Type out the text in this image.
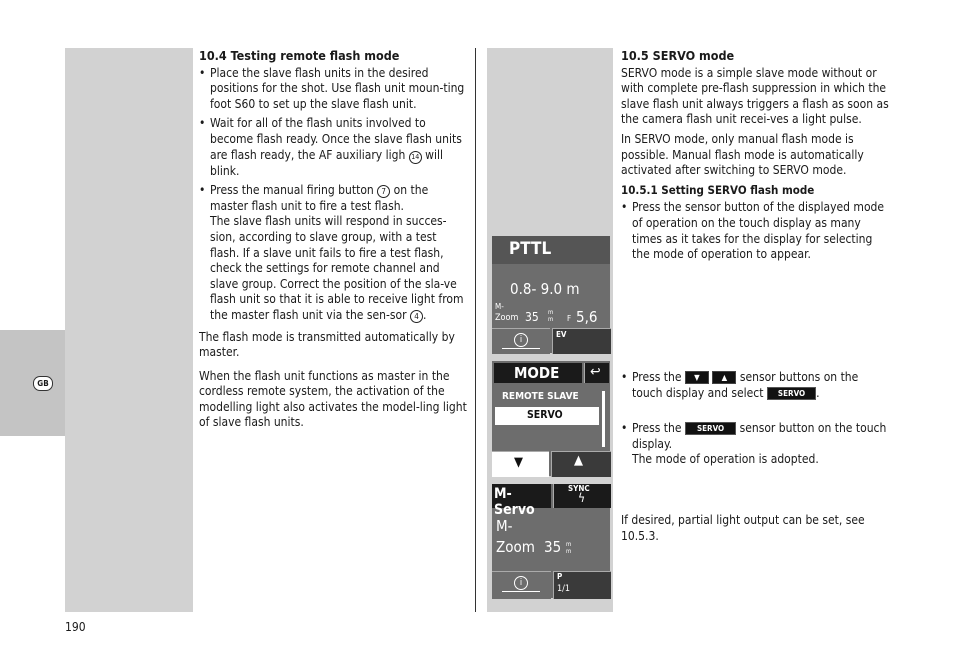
GB
190
10.4 Testing remote flash mode
• Place the slave flash units in the desired positions for the shot. Use flash unit moun-ting foot S60 to set up the slave flash unit.
• Wait for all of the flash units involved to become flash ready. Once the slave flash units are flash ready, the AF auxiliary ligh 14 will blink.
• Press the manual firing button 7 on the master flash unit to fire a test flash.
The slave flash units will respond in succes-sion, according to slave group, with a test flash. If a slave unit fails to fire a test flash, check the settings for remote channel and slave group. Correct the position of the sla-ve flash unit so that it is able to receive light from the master flash unit via the sen-sor 4 .

The flash mode is transmitted automatically by master.

When the flash unit functions as master in the cordless remote system, the activation of the modelling light also activates the model-ling light of slave flash units.

10.5 SERVO mode

SERVO mode is a simple slave mode without or with complete pre-flash suppression in which the slave flash unit always triggers a flash as soon as the camera flash unit recei-ves a light pulse.

In SERVO mode, only manual flash mode is possible. Manual flash mode is automatically activated after switching to SERVO mode.

10.5.1 Setting SERVO flash mode
• Press the sensor button of the displayed mode of operation on the touch display as many times as it takes for the display for selecting the mode of operation to appear.
• Press the ▼	▲ sensor buttons on the touch display and select SERVO .
• Press the SERVO sensor button on the touch display.
The mode of operation is adopted.

If desired, partial light output can be set, see 10.5.3.

PTTL
0.8- 9.0 m
M-
Zoom 35 m
m F 5,6
i
EV
MODE ↩
REMOTE SLAVE
SERVO
▼	▲
M-Servo
SYNC
ϟ
M-
Zoom 35 m
m
i
P
1/1
